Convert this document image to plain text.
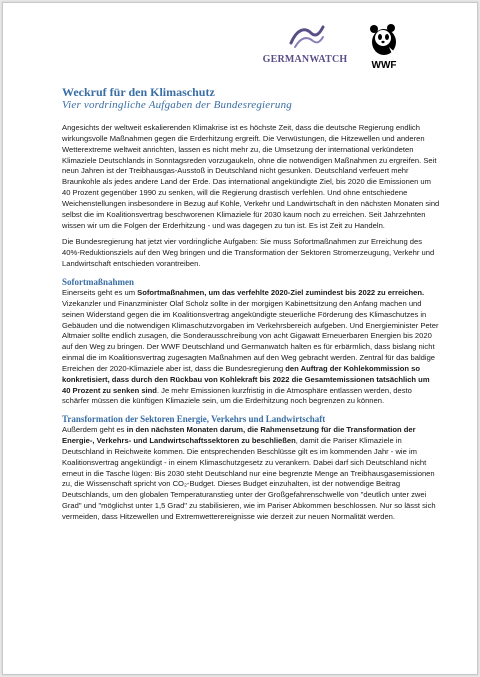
GERMANWATCH
WWF
Weckruf für den Klimaschutz
Vier vordringliche Aufgaben der Bundesregierung

Angesichts der weltweit eskalierenden Klimakrise ist es höchste Zeit, dass die deutsche Regierung endlich wirkungsvolle Maßnahmen gegen die Erderhitzung ergreift. Die Verwüstungen, die Hitzewellen und anderen Wetterextreme weltweit anrichten, lassen es nicht mehr zu, die Umsetzung der international verkündeten Klimaziele Deutschlands in Sonntagsreden vorzugaukeln, ohne die notwendigen Maßnahmen zu ergreifen. Seit neun Jahren ist der Treibhausgas-Ausstoß in Deutschland nicht gesunken. Deutschland verfeuert mehr Braunkohle als jedes andere Land der Erde. Das international angekündigte Ziel, bis 2020 die Emissionen um 40 Prozent gegenüber 1990 zu senken, will die Regierung drastisch verfehlen. Und ohne entschiedene Weichenstellungen insbesondere in Bezug auf Kohle, Verkehr und Landwirtschaft in den nächsten Monaten sind selbst die im Koalitionsvertrag beschworenen Klimaziele für 2030 kaum noch zu erreichen. Seit Jahrzehnten wissen wir um die Folgen der Erderhitzung - und was dagegen zu tun ist. Es ist Zeit zu Handeln.

Die Bundesregierung hat jetzt vier vordringliche Aufgaben: Sie muss Sofortmaßnahmen zur Erreichung des 40%-Reduktionsziels auf den Weg bringen und die Transformation der Sektoren Stromerzeugung, Verkehr und Landwirtschaft entschieden vorantreiben.

Sofortmaßnahmen

Einerseits geht es um Sofortmaßnahmen, um das verfehlte 2020-Ziel zumindest bis 2022 zu erreichen. Vizekanzler und Finanzminister Olaf Scholz sollte in der morgigen Kabinettsitzung den Anfang machen und seinen Widerstand gegen die im Koalitionsvertrag angekündigte steuerliche Förderung des Klimaschutzes in Gebäuden und die notwendigen Klimaschutzvorgaben im Verkehrsbereich aufgeben. Und Energieminister Peter Altmaier sollte endlich zusagen, die Sonderausschreibung von acht Gigawatt Erneuerbaren Energien bis 2020 auf den Weg zu bringen. Der WWF Deutschland und Germanwatch halten es für erbärmlich, dass bislang nicht einmal die im Koalitionsvertrag zugesagten Maßnahmen auf den Weg gebracht werden. Zentral für das baldige Erreichen der 2020-Klimaziele aber ist, dass die Bundesregierung den Auftrag der Kohlekommission so konkretisiert, dass durch den Rückbau von Kohlekraft bis 2022 die Gesamtemissionen tatsächlich um 40 Prozent zu senken sind. Je mehr Emissionen kurzfristig in die Atmosphäre entlassen werden, desto schärfer müssen die künftigen Klimaziele sein, um die Erderhitzung noch begrenzen zu können.

Transformation der Sektoren Energie, Verkehrs und Landwirtschaft

Außerdem geht es in den nächsten Monaten darum, die Rahmensetzung für die Transformation der Energie-, Verkehrs- und Landwirtschaftssektoren zu beschließen, damit die Pariser Klimaziele in Deutschland in Reichweite kommen. Die entsprechenden Beschlüsse gilt es im kommenden Jahr - wie im Koalitionsvertrag angekündigt - in einem Klimaschutzgesetz zu verankern. Dabei darf sich Deutschland nicht erneut in die Tasche lügen: Bis 2030 steht Deutschland nur eine begrenzte Menge an Treibhausgasemissionen zu, die Wissenschaft spricht von CO₂-Budget. Dieses Budget einzuhalten, ist der notwendige Beitrag Deutschlands, um den globalen Temperaturanstieg unter der Großgefahrenschwelle von "deutlich unter zwei Grad" und "möglichst unter 1,5 Grad" zu stabilisieren, wie im Pariser Abkommen beschlossen. Nur so lässt sich vermeiden, dass Hitzewellen und Extremwetterereignisse wie derzeit zur neuen Normalität werden.
